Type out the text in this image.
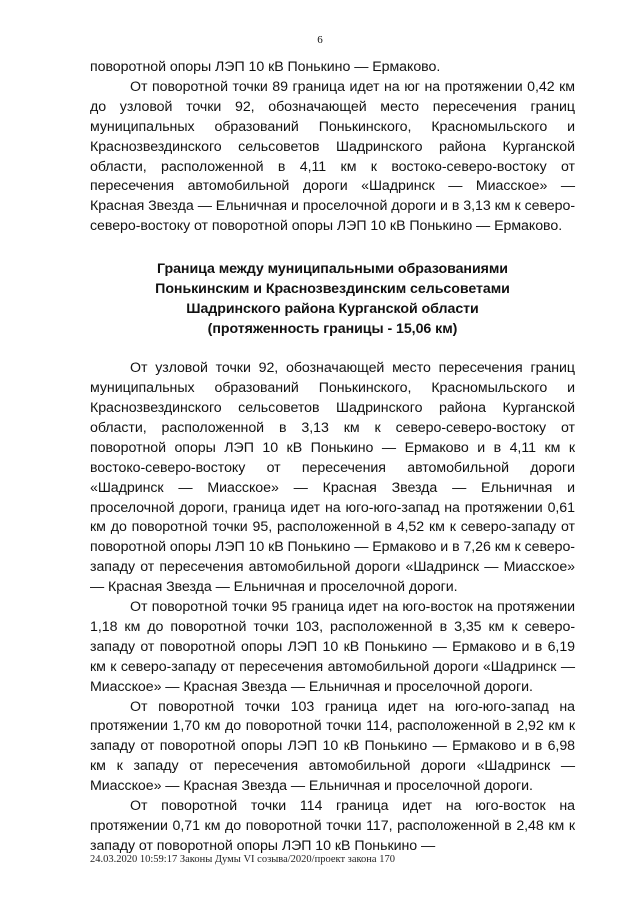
6

поворотной опоры ЛЭП 10 кВ Понькино — Ермаково.

От поворотной точки 89 граница идет на юг на протяжении 0,42 км до узловой точки 92, обозначающей место пересечения границ муниципальных образований Понькинского, Красномыльского и Краснозвездинского сельсоветов Шадринского района Курганской области, расположенной в 4,11 км к востоко-северо-востоку от пересечения автомобильной дороги «Шадринск — Миасское» — Красная Звезда — Ельничная и проселочной дороги и в 3,13 км к северо-северо-востоку от поворотной опоры ЛЭП 10 кВ Понькино — Ермаково.

Граница между муниципальными образованиями
Понькинским и Краснозвездинским сельсоветами
Шадринского района Курганской области
(протяженность границы - 15,06 км)

От узловой точки 92, обозначающей место пересечения границ муниципальных образований Понькинского, Красномыльского и Краснозвездинского сельсоветов Шадринского района Курганской области, расположенной в 3,13 км к северо-северо-востоку от поворотной опоры ЛЭП 10 кВ Понькино — Ермаково и в 4,11 км к востоко-северо-востоку от пересечения автомобильной дороги «Шадринск — Миасское» — Красная Звезда — Ельничная и проселочной дороги, граница идет на юго-юго-запад на протяжении 0,61 км до поворотной точки 95, расположенной в 4,52 км к северо-западу от поворотной опоры ЛЭП 10 кВ Понькино — Ермаково и в 7,26 км к северо-западу от пересечения автомобильной дороги «Шадринск — Миасское» — Красная Звезда — Ельничная и проселочной дороги.

От поворотной точки 95 граница идет на юго-восток на протяжении 1,18 км до поворотной точки 103, расположенной в 3,35 км к северо-западу от поворотной опоры ЛЭП 10 кВ Понькино — Ермаково и в 6,19 км к северо-западу от пересечения автомобильной дороги «Шадринск — Миасское» — Красная Звезда — Ельничная и проселочной дороги.

От поворотной точки 103 граница идет на юго-юго-запад на протяжении 1,70 км до поворотной точки 114, расположенной в 2,92 км к западу от поворотной опоры ЛЭП 10 кВ Понькино — Ермаково и в 6,98 км к западу от пересечения автомобильной дороги «Шадринск — Миасское» — Красная Звезда — Ельничная и проселочной дороги.

От поворотной точки 114 граница идет на юго-восток на протяжении 0,71 км до поворотной точки 117, расположенной в 2,48 км к западу от поворотной опоры ЛЭП 10 кВ Понькино —

24.03.2020 10:59:17 Законы Думы VI созыва/2020/проект закона 170
